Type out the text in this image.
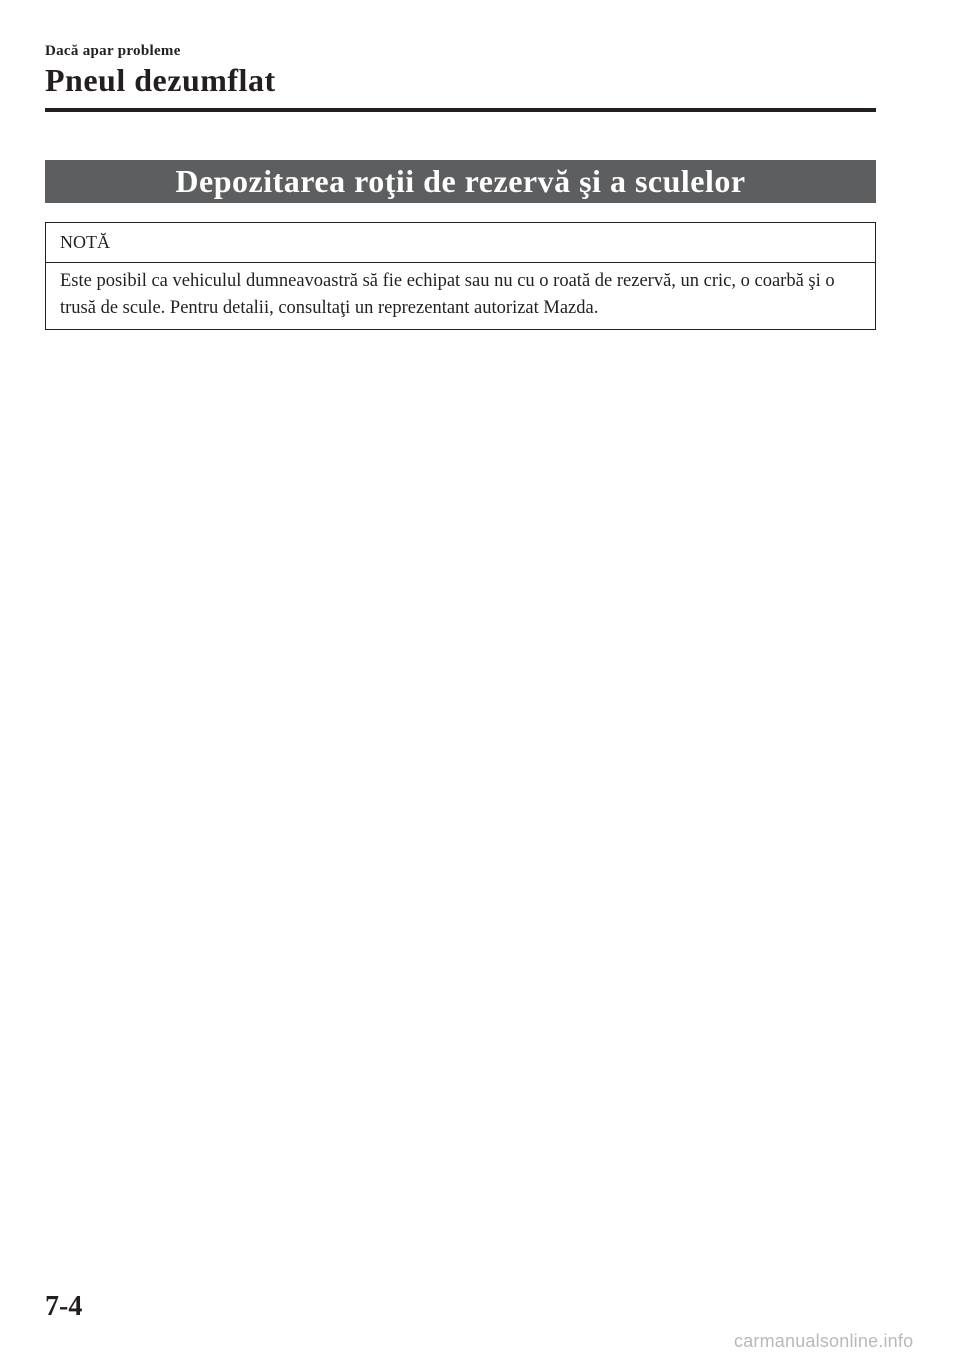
Dacă apar probleme
Pneul dezumflat
Depozitarea roţii de rezervă şi a sculelor
NOTĂ
Este posibil ca vehiculul dumneavoastră să fie echipat sau nu cu o roată de rezervă, un cric, o coarbă şi o trusă de scule. Pentru detalii, consultaţi un reprezentant autorizat Mazda.
7-4
carmanualsonline.info
